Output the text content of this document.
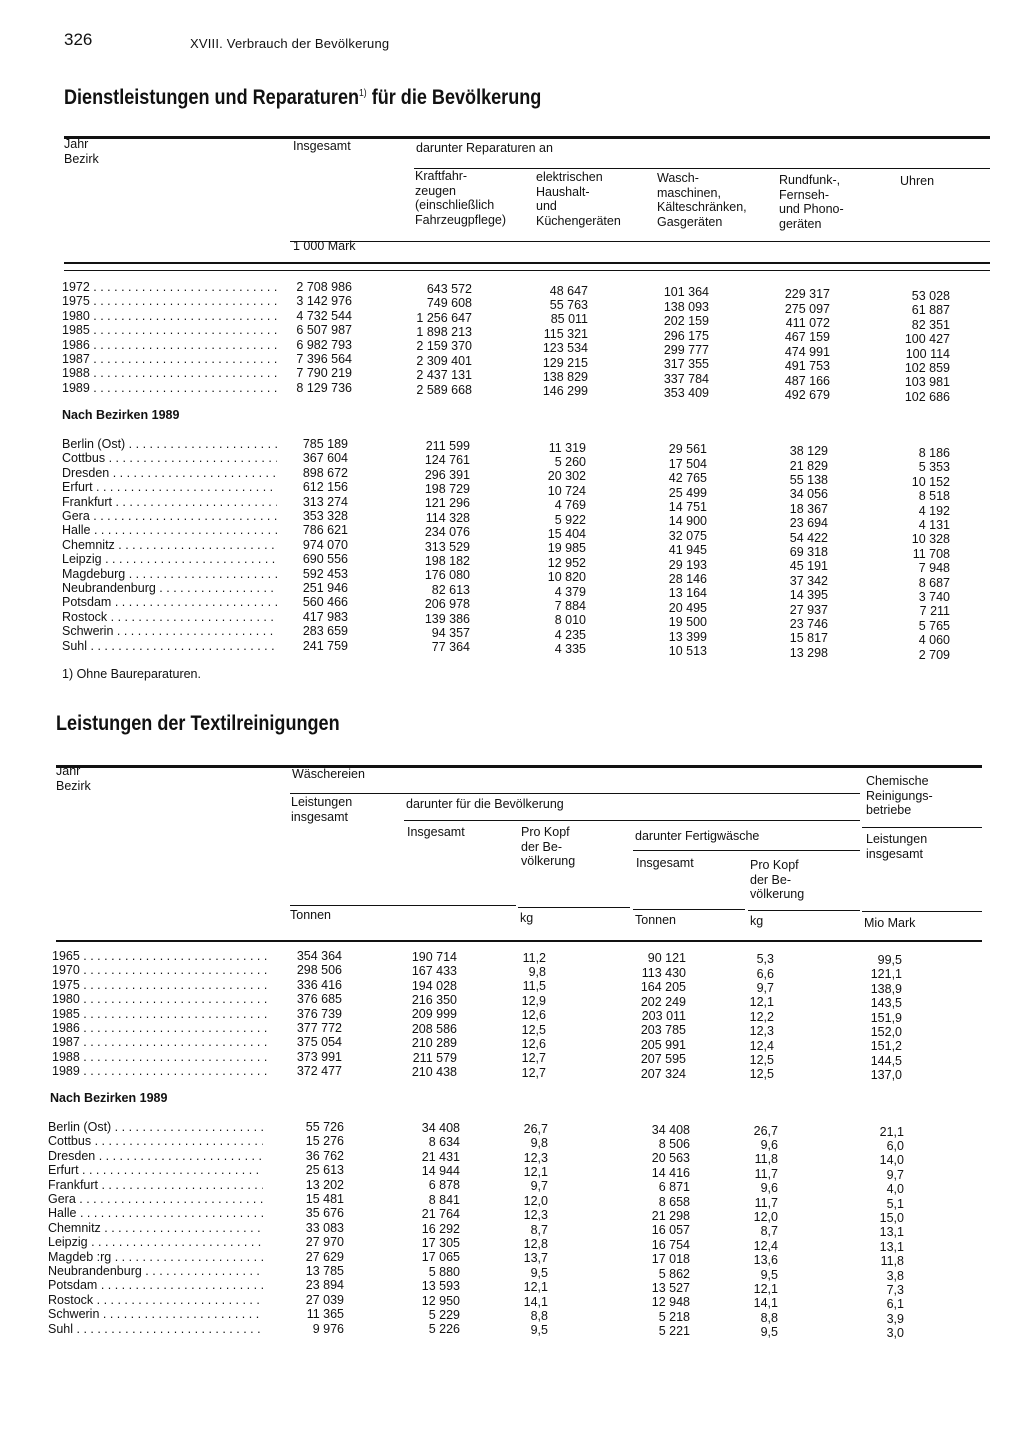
326	XVIII. Verbrauch der Bevölkerung
Dienstleistungen und Reparaturen$^{1)}$ für die Bevölkerung
Jahr
Bezirk
Insgesamt	darunter Reparaturen an
Kraftfahr-
zeugen
(einschließlich
Fahrzeugpflege)
elektrischen
Haushalt-
und
Küchengeräten
Wasch-
maschinen,
Kälteschränken,
Gasgeräten
Rundfunk-,
Fernseh-
und Phono-
geräten
Uhren
1 000 Mark
1972 . . .	2 708 986	643 572	48 647	101 364	229 317	53 028
1975 . . .	3 142 976	749 608	55 763	138 093	275 097	61 887
1980 . . .	4 732 544	1 256 647	85 011	202 159	411 072	82 351
1985 . . .	6 507 987	1 898 213	115 321	296 175	467 159	100 427
1986 . . .	6 982 793	2 159 370	123 534	299 777	474 991	100 114
1987 . . .	7 396 564	2 309 401	129 215	317 355	491 753	102 859
1988 . . .	7 790 219	2 437 131	138 829	337 784	487 166	103 981
1989 . . .	8 129 736	2 589 668	146 299	353 409	492 679	102 686
Nach Bezirken 1989
Berlin (Ost) . . .	785 189	211 599	11 319	29 561	38 129	8 186
Cottbus . . .	367 604	124 761	5 260	17 504	21 829	5 353
Dresden . . .	898 672	296 391	20 302	42 765	55 138	10 152
Erfurt . . .	612 156	198 729	10 724	25 499	34 056	8 518
Frankfurt . . .	313 274	121 296	4 769	14 751	18 367	4 192
Gera . . .	353 328	114 328	5 922	14 900	23 694	4 131
Halle . . .	786 621	234 076	15 404	32 075	54 422	10 328
Chemnitz . . .	974 070	313 529	19 985	41 945	69 318	11 708
Leipzig . . .	690 556	198 182	12 952	29 193	45 191	7 948
Magdeburg . . .	592 453	176 080	10 820	28 146	37 342	8 687
Neubrandenburg . . .	251 946	82 613	4 379	13 164	14 395	3 740
Potsdam . . .	560 466	206 978	7 884	20 495	27 937	7 211
Rostock . . .	417 983	139 386	8 010	19 500	23 746	5 765
Schwerin . . .	283 659	94 357	4 235	13 399	15 817	4 060
Suhl . . .	241 759	77 364	4 335	10 513	13 298	2 709
1) Ohne Baureparaturen.
Leistungen der Textilreinigungen
Jahr
Bezirk
Wäschereien	Chemische
Reinigungs-
betriebe
Leistungen
insgesamt
darunter für die Bevölkerung
Insgesamt	Pro Kopf
der Be-
völkerung
darunter Fertigwäsche	Leistungen
insgesamt
Insgesamt	Pro Kopf
der Be-
völkerung
Tonnen	kg	Tonnen	kg	Mio Mark
1965 . . .	354 364	190 714	11,2	90 121	5,3	99,5
1970 . . .	298 506	167 433	9,8	113 430	6,6	121,1
1975 . . .	336 416	194 028	11,5	164 205	9,7	138,9
1980 . . .	376 685	216 350	12,9	202 249	12,1	143,5
1985 . . .	376 739	209 999	12,6	203 011	12,2	151,9
1986 . . .	377 772	208 586	12,5	203 785	12,3	152,0
1987 . . .	375 054	210 289	12,6	205 991	12,4	151,2
1988 . . .	373 991	211 579	12,7	207 595	12,5	144,5
1989 . . .	372 477	210 438	12,7	207 324	12,5	137,0
Nach Bezirken 1989
Berlin (Ost) . . .	55 726	34 408	26,7	34 408	26,7	21,1
Cottbus . . .	15 276	8 634	9,8	8 506	9,6	6,0
Dresden . . .	36 762	21 431	12,3	20 563	11,8	14,0
Erfurt . . .	25 613	14 944	12,1	14 416	11,7	9,7
Frankfurt . . .	13 202	6 878	9,7	6 871	9,6	4,0
Gera . . .	15 481	8 841	12,0	8 658	11,7	5,1
Halle . . .	35 676	21 764	12,3	21 298	12,0	15,0
Chemnitz . . .	33 083	16 292	8,7	16 057	8,7	13,1
Leipzig . . .	27 970	17 305	12,8	16 754	12,4	13,1
Magdeb :rg . . .	27 629	17 065	13,7	17 018	13,6	11,8
Neubrandenburg . . .	13 785	5 880	9,5	5 862	9,5	3,8
Potsdam . . .	23 894	13 593	12,1	13 527	12,1	7,3
Rostock . . .	27 039	12 950	14,1	12 948	14,1	6,1
Schwerin . . .	11 365	5 229	8,8	5 218	8,8	3,9
Suhl . . .	9 976	5 226	9,5	5 221	9,5	3,0
